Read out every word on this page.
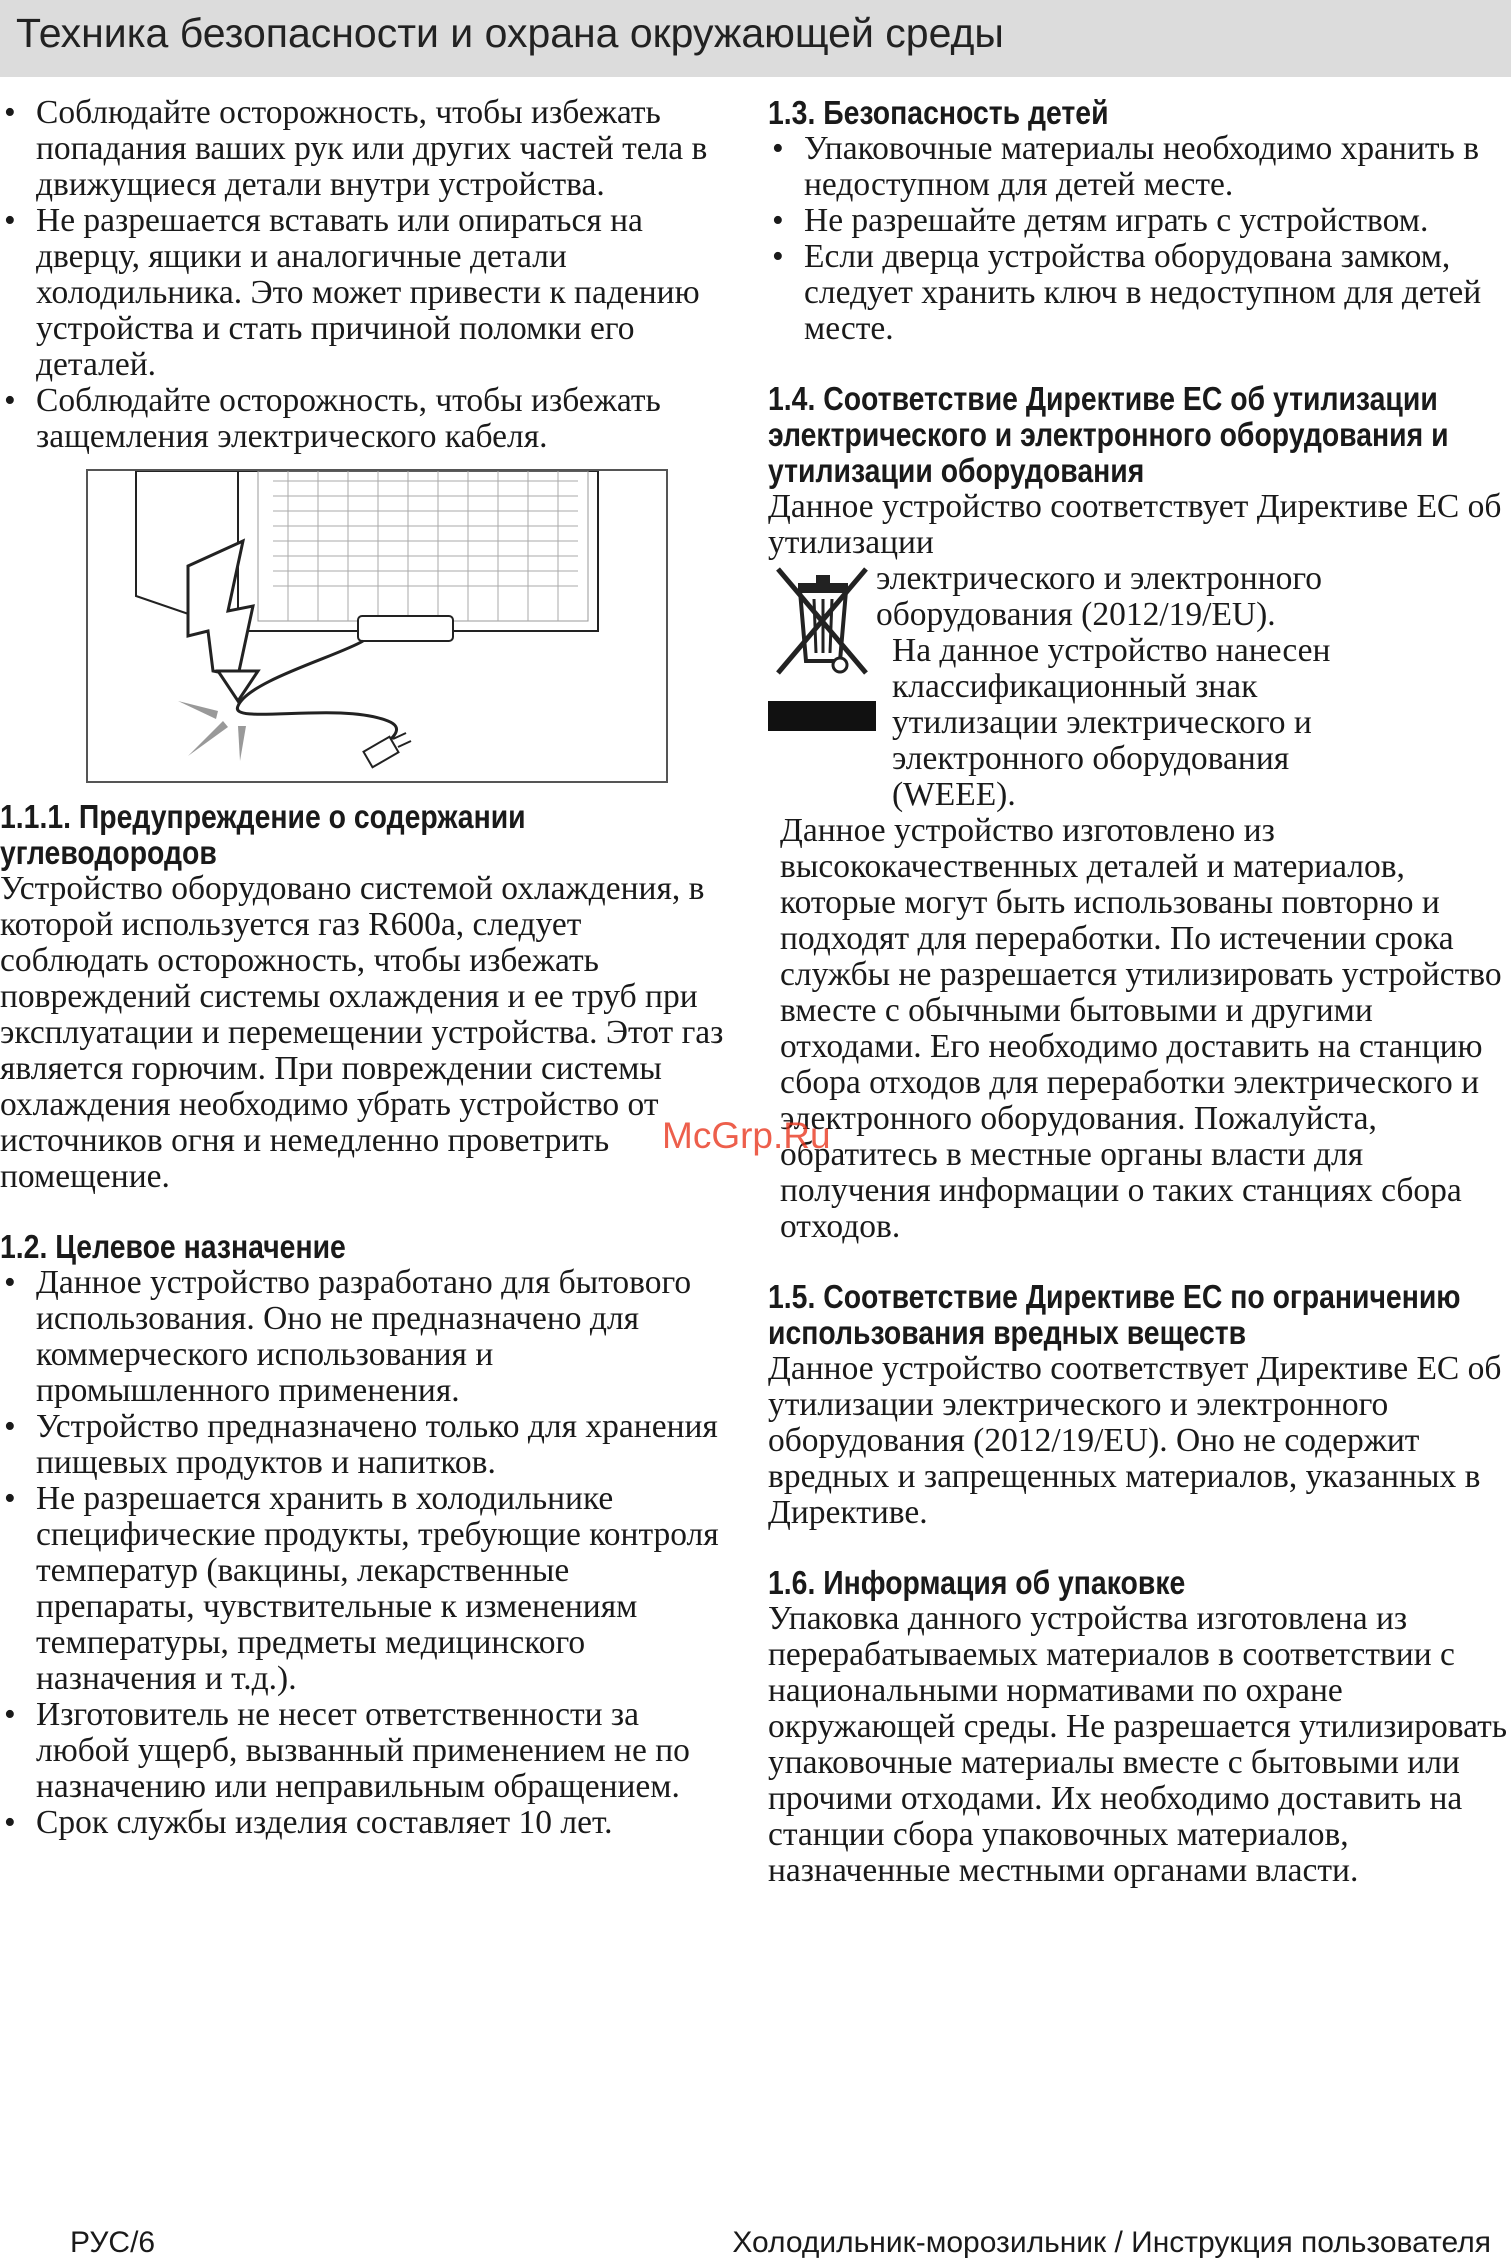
Техника безопасности и охрана окружающей среды
• Соблюдайте осторожность, чтобы избежать попадания ваших рук или других частей тела в движущиеся детали внутри устройства.
• Не разрешается вставать или опираться на дверцу, ящики и аналогичные детали холодильника. Это может привести к падению устройства и стать причиной поломки его деталей.
• Соблюдайте осторожность, чтобы избежать защемления электрического кабеля.
1.1.1. Предупреждение о содержании углеводородов

Устройство оборудовано системой охлаждения, в которой используется газ R600a, следует соблюдать осторожность, чтобы избежать повреждений системы охлаждения и ее труб при эксплуатации и перемещении устройства. Этот газ является горючим. При повреждении системы охлаждения необходимо убрать устройство от источников огня и немедленно проветрить помещение.

1.2. Целевое назначение
• Данное устройство разработано для бытового использования. Оно не предназначено для коммерческого использования и промышленного применения.
• Устройство предназначено только для хранения пищевых продуктов и напитков.
• Не разрешается хранить в холодильнике специфические продукты, требующие контроля температур (вакцины, лекарственные препараты, чувствительные к изменениям температуры, предметы медицинского назначения и т.д.).
• Изготовитель не несет ответственности за любой ущерб, вызванный применением не по назначению или неправильным обращением.
• Срок службы изделия составляет 10 лет.
1.3. Безопасность детей
• Упаковочные материалы необходимо хранить в недоступном для детей месте.
• Не разрешайте детям играть с устройством.
• Если дверца устройства оборудована замком, следует хранить ключ в недоступном для детей месте.
1.4. Соответствие Директиве ЕС об утилизации электрического и электронного оборудования и утилизации оборудования

Данное устройство соответствует Директиве ЕС об утилизации

электрического и электронного

оборудования (2012/19/EU).

На данное устройство нанесен

классификационный знак

утилизации электрического и

электронного оборудования

(WEEE).

Данное устройство изготовлено из высококачественных деталей и материалов, которые могут быть использованы повторно и подходят для переработки. По истечении срока службы не разрешается утилизировать устройство вместе с обычными бытовыми и другими отходами. Его необходимо доставить на станцию сбора отходов для переработки электрического и электронного оборудования. Пожалуйста, обратитесь в местные органы власти для получения информации о таких станциях сбора отходов.

1.5. Соответствие Директиве ЕС по ограничению использования вредных веществ

Данное устройство соответствует Директиве ЕС об утилизации электрического и электронного оборудования (2012/19/EU). Оно не содержит вредных и запрещенных материалов, указанных в Директиве.

1.6. Информация об упаковке

Упаковка данного устройства изготовлена из перерабатываемых материалов в соответствии с национальными нормативами по охране окружающей среды. Не разрешается утилизировать упаковочные материалы вместе с бытовыми или прочими отходами. Их необходимо доставить на станции сбора упаковочных материалов, назначенные местными органами власти.

McGrp.Ru
РУС/6	Холодильник-морозильник / Инструкция пользователя
